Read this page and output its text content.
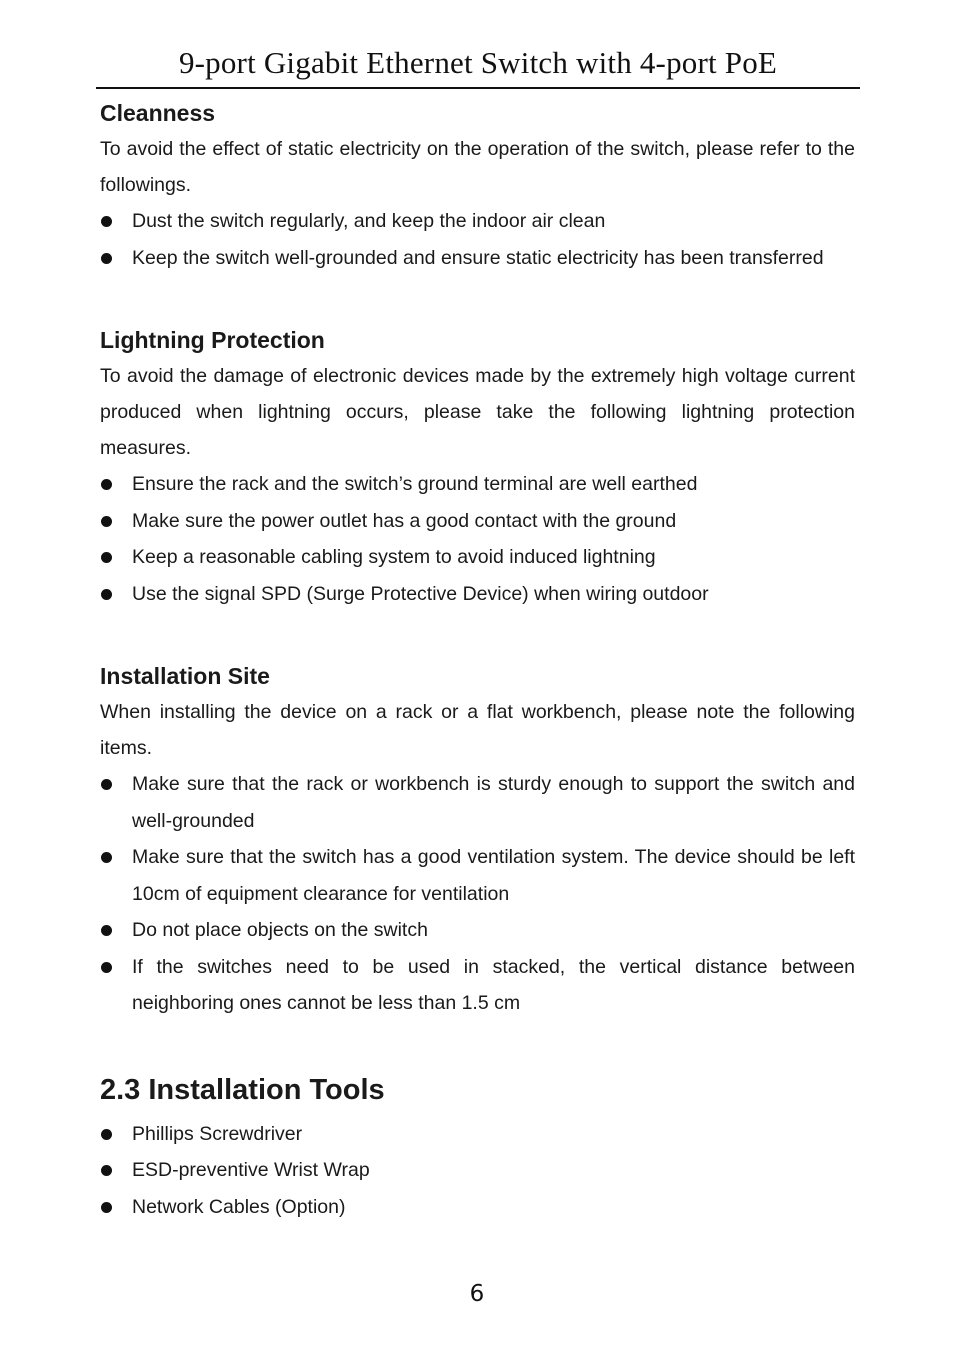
9-port Gigabit Ethernet Switch with 4-port PoE
Cleanness

To avoid the effect of static electricity on the operation of the switch, please refer to the followings.

Dust the switch regularly, and keep the indoor air clean
Keep the switch well-grounded and ensure static electricity has been transferred
Lightning Protection

To avoid the damage of electronic devices made by the extremely high voltage current produced when lightning occurs, please take the following lightning protection measures.

Ensure the rack and the switch’s ground terminal are well earthed
Make sure the power outlet has a good contact with the ground
Keep a reasonable cabling system to avoid induced lightning
Use the signal SPD (Surge Protective Device) when wiring outdoor
Installation Site

When installing the device on a rack or a flat workbench, please note the following items.

Make sure that the rack or workbench is sturdy enough to support the switch and well-grounded
Make sure that the switch has a good ventilation system. The device should be left 10cm of equipment clearance for ventilation
Do not place objects on the switch
If the switches need to be used in stacked, the vertical distance between neighboring ones cannot be less than 1.5 cm
2.3 Installation Tools
Phillips Screwdriver
ESD-preventive Wrist Wrap
Network Cables (Option)
6
